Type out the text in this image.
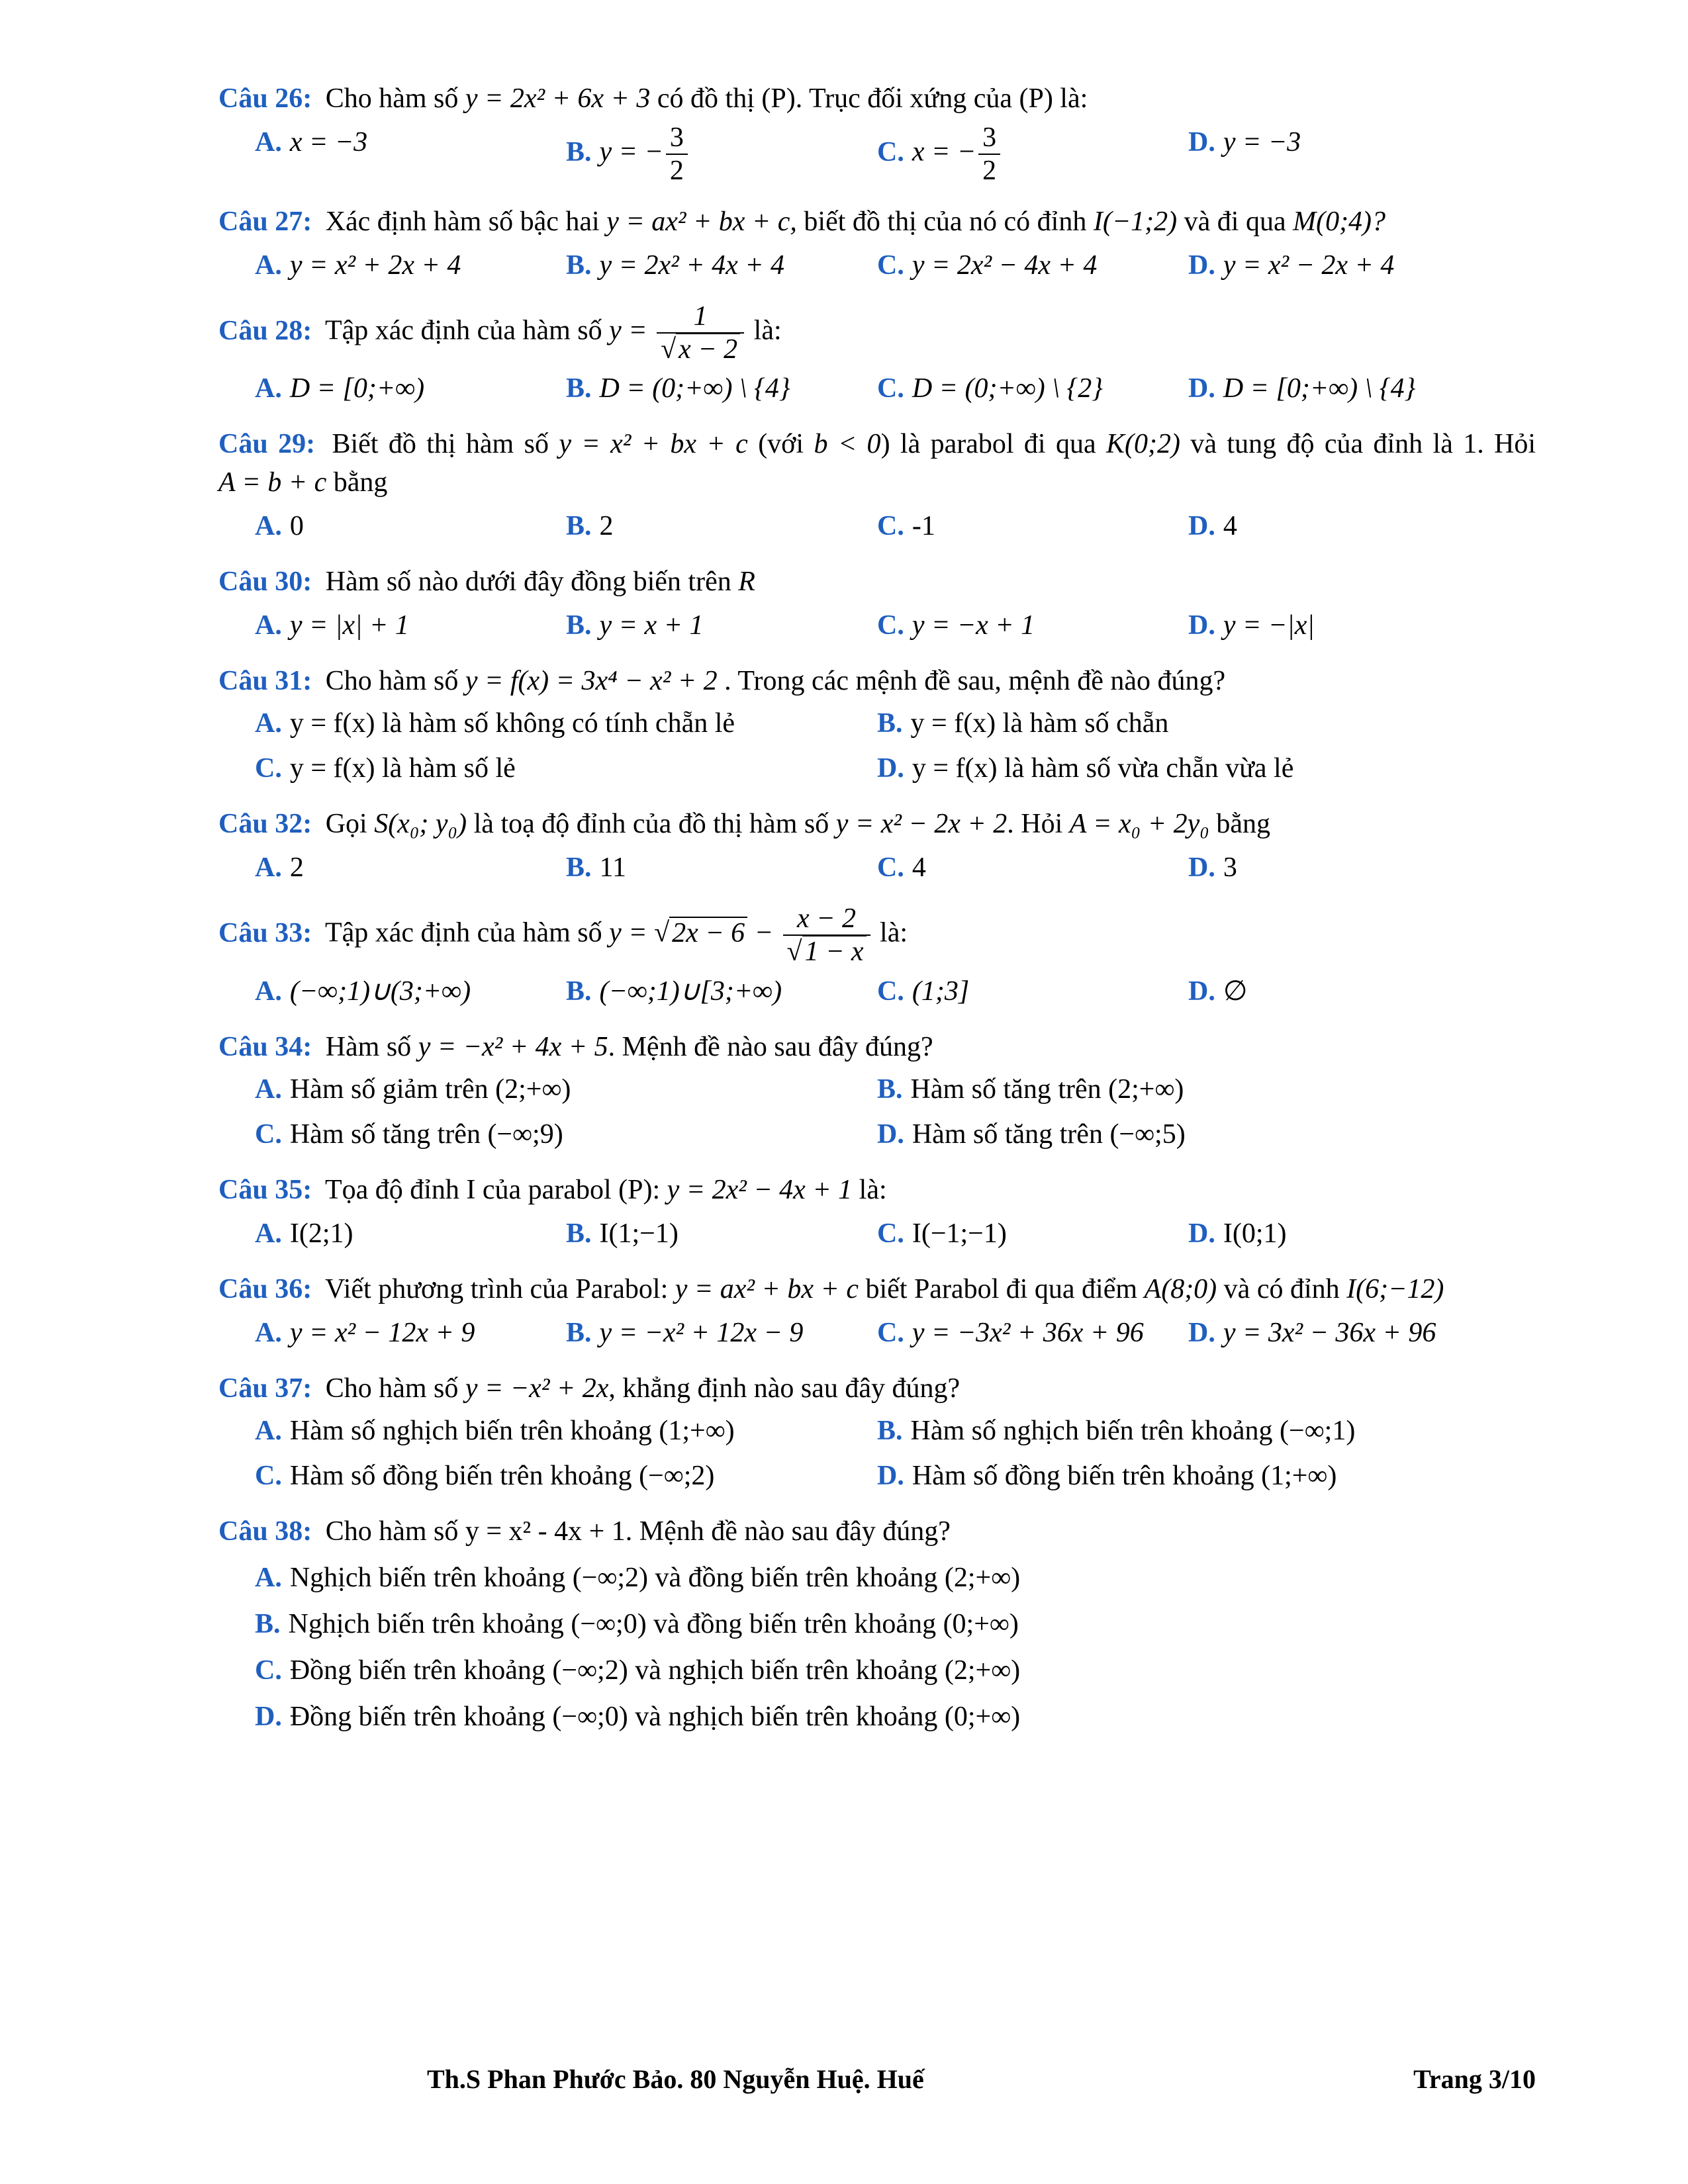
Câu 26: Cho hàm số y = 2x² + 6x + 3 có đồ thị (P). Trục đối xứng của (P) là:
A. x = −3	B. y = − $\frac{3}{2}$	C. x = − $\frac{3}{2}$	D. y = −3
Câu 27: Xác định hàm số bậc hai y = ax² + bx + c, biết đồ thị của nó có đỉnh I(−1;2) và đi qua M(0;4)?
A. y = x² + 2x + 4	B. y = 2x² + 4x + 4	C. y = 2x² − 4x + 4	D. y = x² − 2x + 4
Câu 28: Tập xác định của hàm số $y = \frac{1}{√x - 2}$ là:
A. D = [0;+∞)	B. D = (0;+∞) \ {4}	C. D = (0;+∞) \ {2}	D. D = [0;+∞) \ {4}
Câu 29: Biết đồ thị hàm số y = x² + bx + c (với b < 0) là parabol đi qua K(0;2) và tung độ của đỉnh là 1. Hỏi A = b + c bằng
A. 0	B. 2	C. -1	D. 4
Câu 30: Hàm số nào dưới đây đồng biến trên R
A. y = |x| + 1	B. y = x + 1	C. y = −x + 1	D. y = −|x|
Câu 31: Cho hàm số y = f(x) = 3x⁴ − x² + 2 . Trong các mệnh đề sau, mệnh đề nào đúng?
A. y = f(x) là hàm số không có tính chẵn lẻ	B. y = f(x) là hàm số chẵn
C. y = f(x) là hàm số lẻ	D. y = f(x) là hàm số vừa chẵn vừa lẻ
Câu 32: Gọi S(x₀; y₀) là toạ độ đỉnh của đồ thị hàm số y = x² − 2x + 2. Hỏi A = x₀ + 2y₀ bằng
A. 2	B. 11	C. 4	D. 3
Câu 33: Tập xác định của hàm số $y = √2x - 6 - \frac{x - 2}{√1 - x}$ là:
A. (−∞;1)∪(3;+∞)	B. (−∞;1)∪[3;+∞)	C. (1;3]	D. ∅
Câu 34: Hàm số y = −x² + 4x + 5. Mệnh đề nào sau đây đúng?
A. Hàm số giảm trên (2;+∞)	B. Hàm số tăng trên (2;+∞)
C. Hàm số tăng trên (−∞;9)	D. Hàm số tăng trên (−∞;5)
Câu 35: Tọa độ đỉnh I của parabol (P): y = 2x² − 4x + 1 là:
A. I(2;1)	B. I(1;−1)	C. I(−1;−1)	D. I(0;1)
Câu 36: Viết phương trình của Parabol: y = ax² + bx + c biết Parabol đi qua điểm A(8;0) và có đỉnh I(6;−12)
A. y = x² − 12x + 9	B. y = −x² + 12x − 9	C. y = −3x² + 36x + 96	D. y = 3x² − 36x + 96
Câu 37: Cho hàm số y = −x² + 2x, khẳng định nào sau đây đúng?
A. Hàm số nghịch biến trên khoảng (1;+∞)	B. Hàm số nghịch biến trên khoảng (−∞;1)
C. Hàm số đồng biến trên khoảng (−∞;2)	D. Hàm số đồng biến trên khoảng (1;+∞)
Câu 38: Cho hàm số y = x² - 4x + 1. Mệnh đề nào sau đây đúng?
A. Nghịch biến trên khoảng (−∞;2) và đồng biến trên khoảng (2;+∞)
B. Nghịch biến trên khoảng (−∞;0) và đồng biến trên khoảng (0;+∞)
C. Đồng biến trên khoảng (−∞;2) và nghịch biến trên khoảng (2;+∞)
D. Đồng biến trên khoảng (−∞;0) và nghịch biến trên khoảng (0;+∞)
Th.S Phan Phước Bảo. 80 Nguyễn Huệ. Huế	Trang 3/10
